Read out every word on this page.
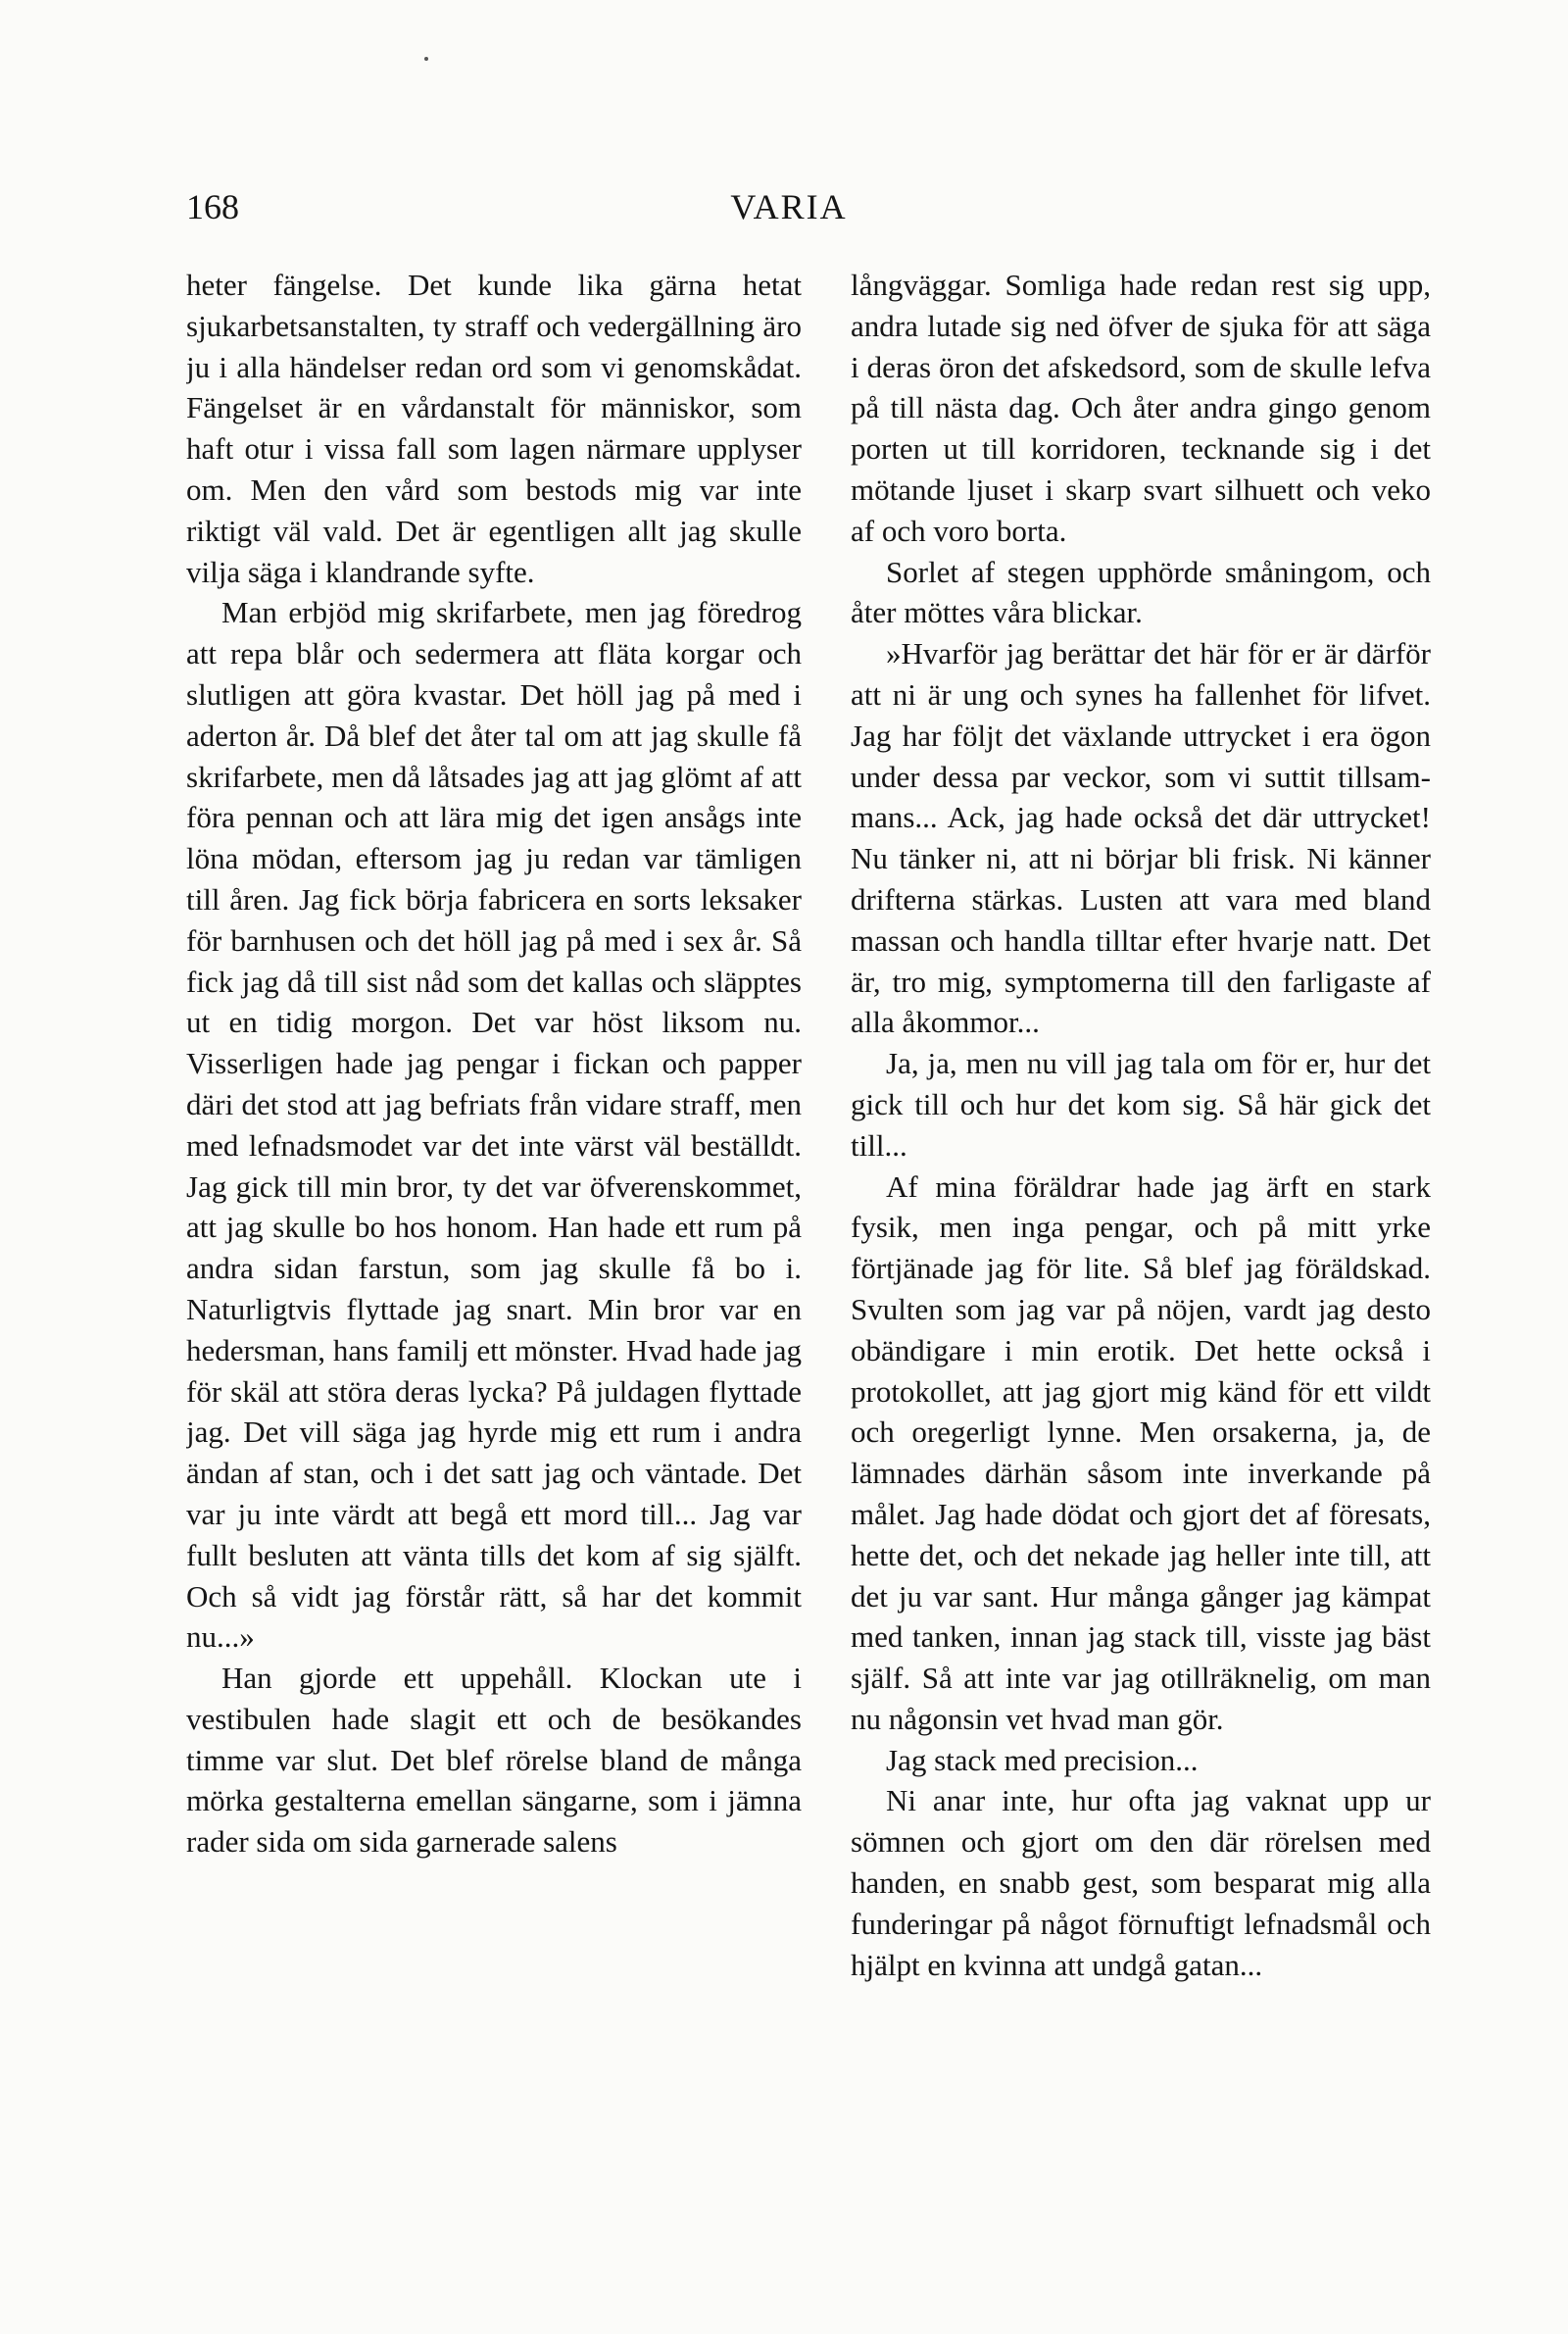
168	VARIA

heter fängelse. Det kunde lika gärna hetat sjukarbetsanstalten, ty straff och vedergällning äro ju i alla händelser redan ord som vi genomskådat. Fängelset är en vårdanstalt för människor, som haft otur i vissa fall som lagen närmare upplyser om. Men den vård som bestods mig var inte riktigt väl vald. Det är egentligen allt jag skulle vilja säga i klandrande syfte.

Man erbjöd mig skrifarbete, men jag föredrog att repa blår och sedermera att fläta korgar och slutligen att göra kvastar. Det höll jag på med i aderton år. Då blef det åter tal om att jag skulle få skrifarbete, men då låtsades jag att jag glömt af att föra pennan och att lära mig det igen ansågs inte löna mödan, eftersom jag ju redan var tämligen till åren. Jag fick börja fabricera en sorts leksaker för barnhusen och det höll jag på med i sex år. Så fick jag då till sist nåd som det kallas och släpptes ut en tidig morgon. Det var höst liksom nu. Visserligen hade jag pengar i fickan och papper däri det stod att jag befriats från vidare straff, men med lefnadsmodet var det inte värst väl beställdt. Jag gick till min bror, ty det var öfverenskommet, att jag skulle bo hos honom. Han hade ett rum på andra sidan farstun, som jag skulle få bo i. Naturligtvis flyttade jag snart. Min bror var en hedersman, hans familj ett mönster. Hvad hade jag för skäl att störa deras lycka? På juldagen flyttade jag. Det vill säga jag hyrde mig ett rum i andra ändan af stan, och i det satt jag och väntade. Det var ju inte värdt att begå ett mord till... Jag var fullt besluten att vänta tills det kom af sig själft. Och så vidt jag förstår rätt, så har det kommit nu...»

Han gjorde ett uppehåll. Klockan ute i vestibulen hade slagit ett och de besökandes timme var slut. Det blef rörelse bland de många mörka gestalterna emellan sängarne, som i jämna rader sida om sida garnerade salens

långväggar. Somliga hade redan rest sig upp, andra lutade sig ned öfver de sjuka för att säga i deras öron det afskedsord, som de skulle lefva på till nästa dag. Och åter andra gingo genom porten ut till korridoren, tecknande sig i det mötande ljuset i skarp svart silhuett och veko af och voro borta.

Sorlet af stegen upphörde småningom, och åter möttes våra blickar.

»Hvarför jag berättar det här för er är därför att ni är ung och synes ha fallenhet för lifvet. Jag har följt det växlande uttrycket i era ögon under dessa par veckor, som vi suttit tillsammans... Ack, jag hade också det där uttrycket! Nu tänker ni, att ni börjar bli frisk. Ni känner drifterna stärkas. Lusten att vara med bland massan och handla tilltar efter hvarje natt. Det är, tro mig, symptomerna till den farligaste af alla åkommor...

Ja, ja, men nu vill jag tala om för er, hur det gick till och hur det kom sig. Så här gick det till...

Af mina föräldrar hade jag ärft en stark fysik, men inga pengar, och på mitt yrke förtjänade jag för lite. Så blef jag föräldskad. Svulten som jag var på nöjen, vardt jag desto obändigare i min erotik. Det hette också i protokollet, att jag gjort mig känd för ett vildt och oregerligt lynne. Men orsakerna, ja, de lämnades därhän såsom inte inverkande på målet. Jag hade dödat och gjort det af föresats, hette det, och det nekade jag heller inte till, att det ju var sant. Hur många gånger jag kämpat med tanken, innan jag stack till, visste jag bäst själf. Så att inte var jag otillräknelig, om man nu någonsin vet hvad man gör.

Jag stack med precision...

Ni anar inte, hur ofta jag vaknat upp ur sömnen och gjort om den där rörelsen med handen, en snabb gest, som besparat mig alla funderingar på något förnuftigt lefnadsmål och hjälpt en kvinna att undgå gatan...
